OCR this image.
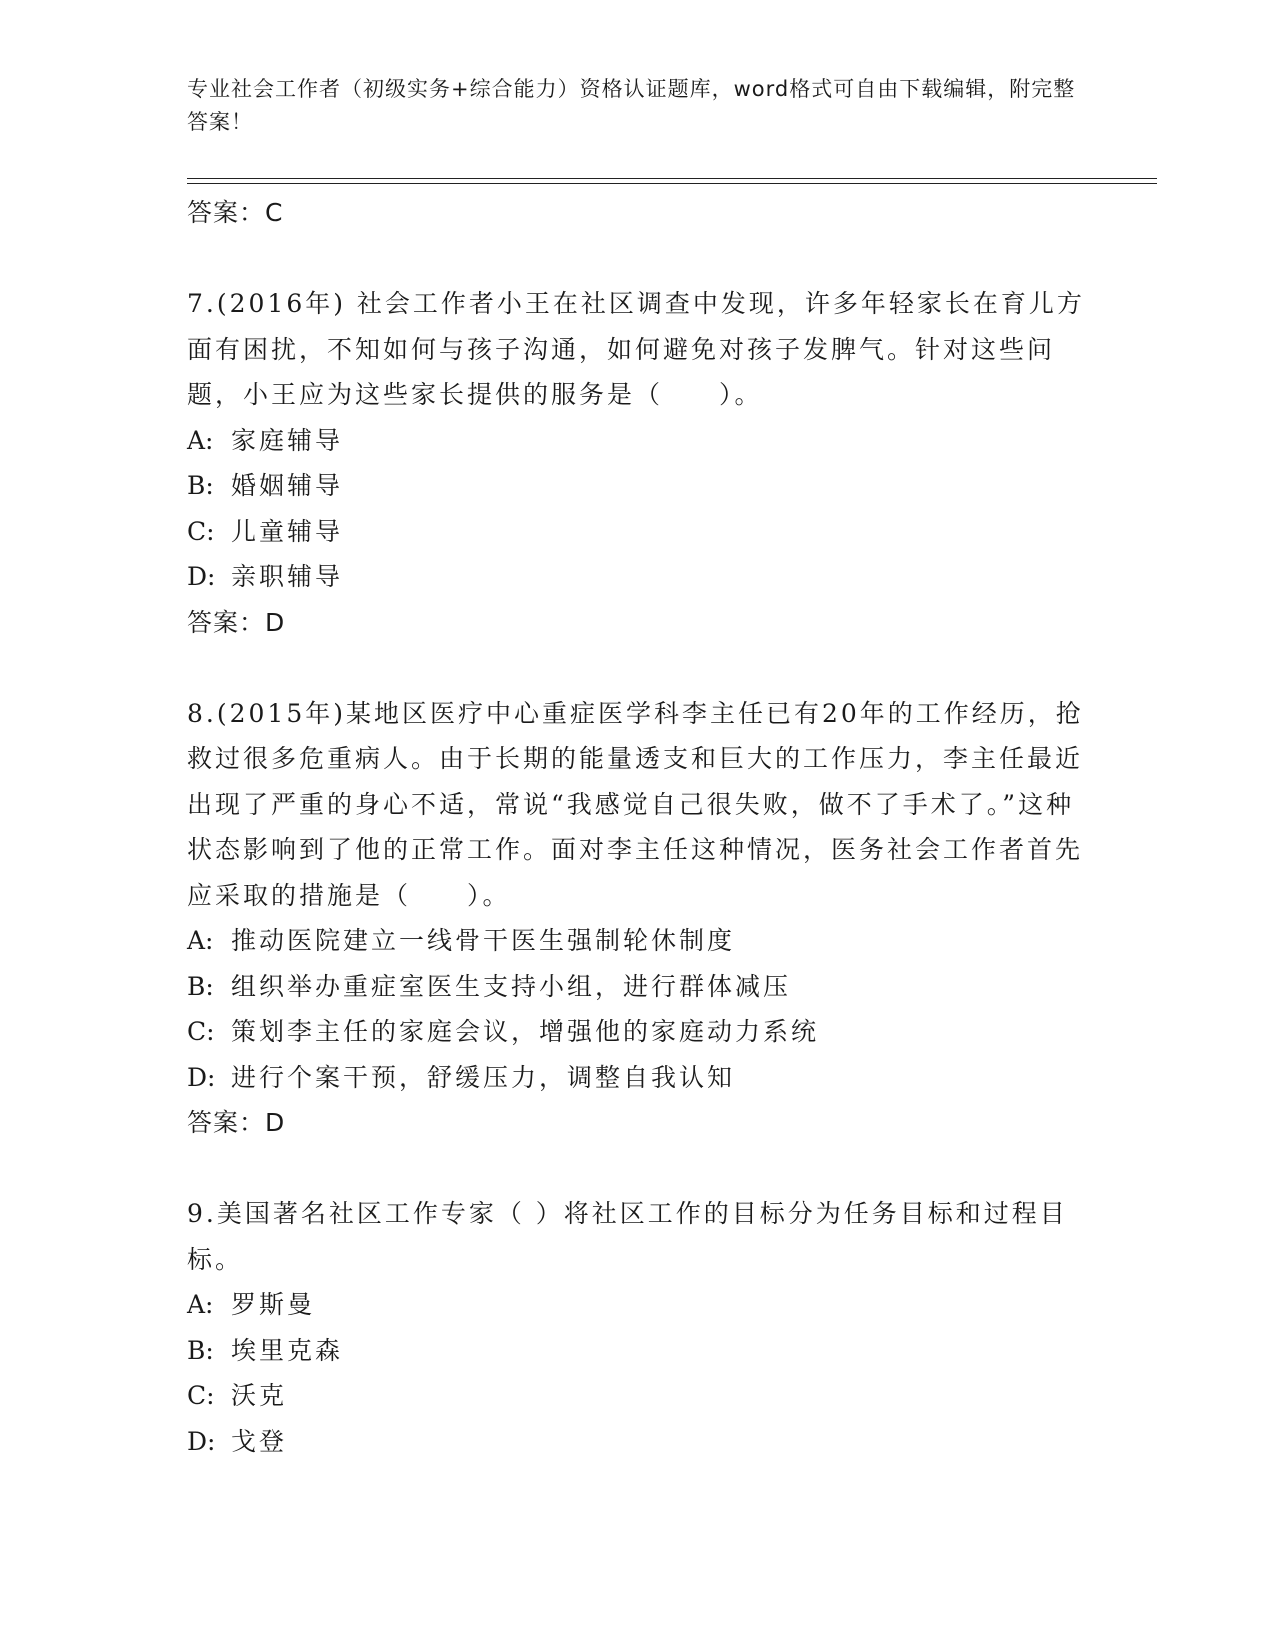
专业社会工作者（初级实务+综合能力）资格认证题库，word格式可自由下载编辑，附完整答案！
答案：C
7.(2016年) 社会工作者小王在社区调查中发现，许多年轻家长在育儿方面有困扰，不知如何与孩子沟通，如何避免对孩子发脾气。针对这些问题，小王应为这些家长提供的服务是（　　）。
A: 家庭辅导
B: 婚姻辅导
C: 儿童辅导
D: 亲职辅导
答案：D
8.(2015年)某地区医疗中心重症医学科李主任已有20年的工作经历，抢救过很多危重病人。由于长期的能量透支和巨大的工作压力，李主任最近出现了严重的身心不适，常说“我感觉自己很失败，做不了手术了。”这种状态影响到了他的正常工作。面对李主任这种情况，医务社会工作者首先应采取的措施是（　　）。
A: 推动医院建立一线骨干医生强制轮休制度
B: 组织举办重症室医生支持小组，进行群体减压
C: 策划李主任的家庭会议，增强他的家庭动力系统
D: 进行个案干预，舒缓压力，调整自我认知
答案：D
9.美国著名社区工作专家（ ）将社区工作的目标分为任务目标和过程目标。
A: 罗斯曼
B: 埃里克森
C: 沃克
D: 戈登
